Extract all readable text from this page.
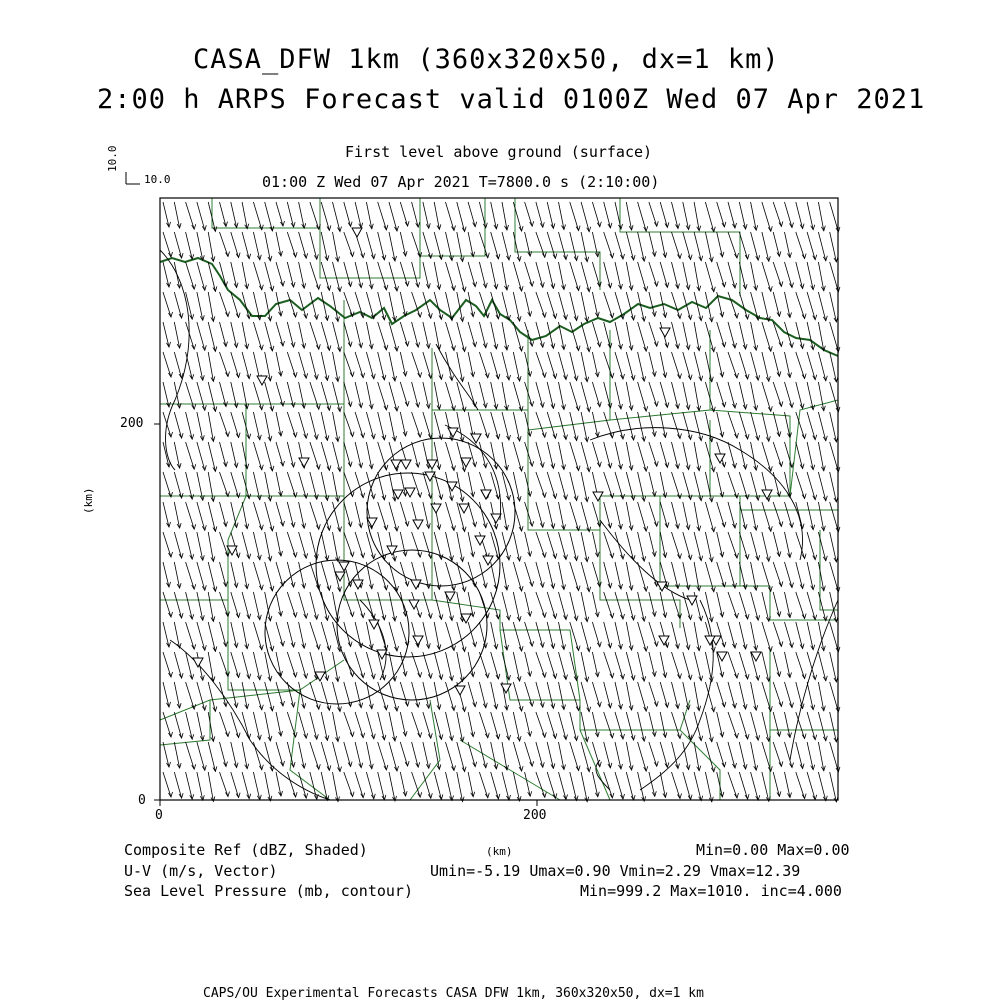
CASA_DFW 1km (360x320x50, dx=1 km)
2:00 h ARPS Forecast valid 0100Z Wed 07 Apr 2021
First level above ground (surface)
01:00 Z Wed 07 Apr 2021 T=7800.0 s (2:10:00)
10.0
10.0
0
200
0	200
(km)
(km)
Composite Ref (dBZ, Shaded)	Min=0.00 Max=0.00
U-V (m/s, Vector)	Umin=-5.19 Umax=0.90 Vmin=2.29 Vmax=12.39
Sea Level Pressure (mb, contour)	Min=999.2 Max=1010. inc=4.000
CAPS/OU Experimental Forecasts CASA DFW 1km, 360x320x50, dx=1 km
